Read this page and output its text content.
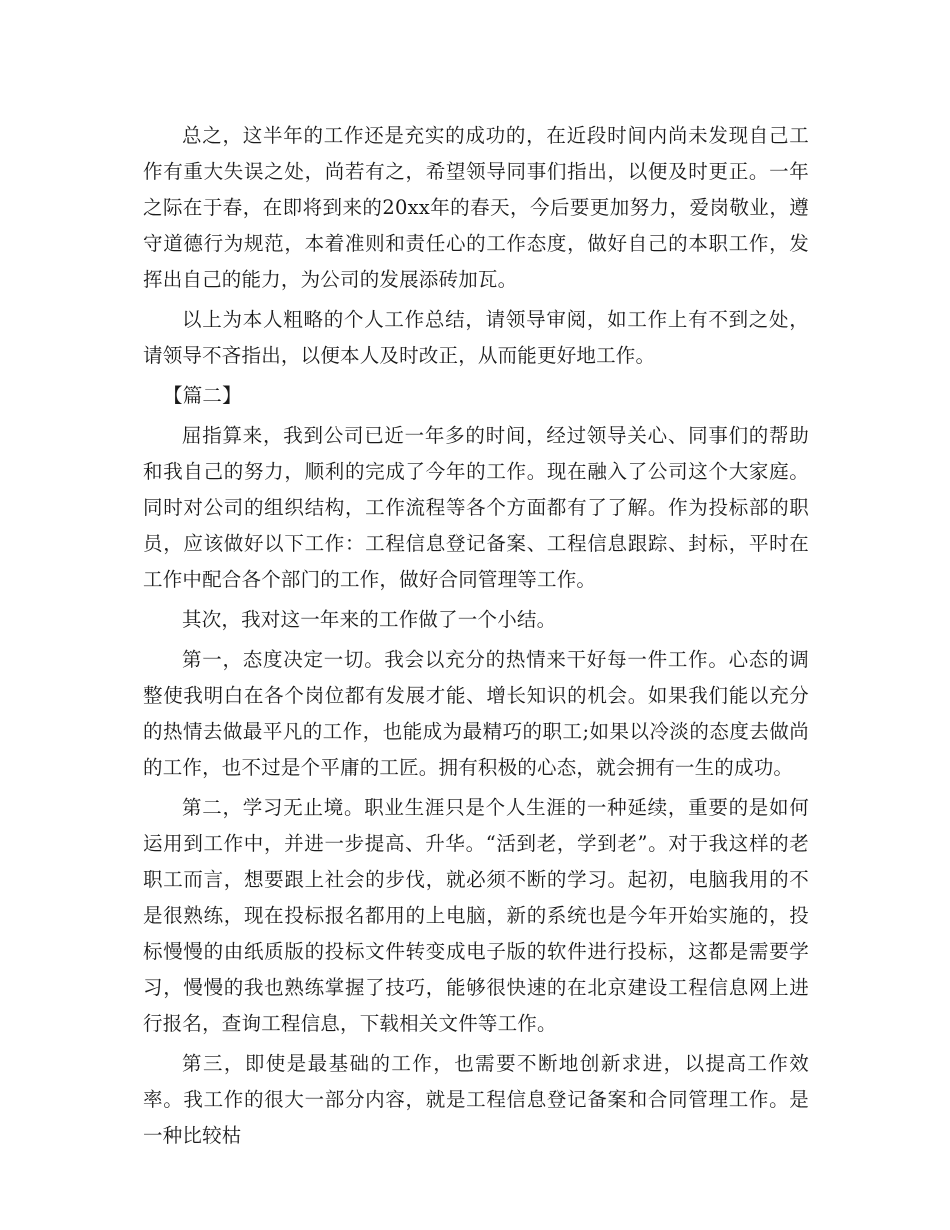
总之，这半年的工作还是充实的成功的，在近段时间内尚未发现自己工作有重大失误之处，尚若有之，希望领导同事们指出，以便及时更正。一年之际在于春，在即将到来的20xx年的春天，今后要更加努力，爱岗敬业，遵守道德行为规范，本着准则和责任心的工作态度，做好自己的本职工作，发挥出自己的能力，为公司的发展添砖加瓦。

以上为本人粗略的个人工作总结，请领导审阅，如工作上有不到之处，请领导不吝指出，以便本人及时改正，从而能更好地工作。

【篇二】

屈指算来，我到公司已近一年多的时间，经过领导关心、同事们的帮助和我自己的努力，顺利的完成了今年的工作。现在融入了公司这个大家庭。同时对公司的组织结构，工作流程等各个方面都有了了解。作为投标部的职员，应该做好以下工作：工程信息登记备案、工程信息跟踪、封标，平时在工作中配合各个部门的工作，做好合同管理等工作。

其次，我对这一年来的工作做了一个小结。

第一，态度决定一切。我会以充分的热情来干好每一件工作。心态的调整使我明白在各个岗位都有发展才能、增长知识的机会。如果我们能以充分的热情去做最平凡的工作，也能成为最精巧的职工;如果以冷淡的态度去做尚的工作，也不过是个平庸的工匠。拥有积极的心态，就会拥有一生的成功。

第二，学习无止境。职业生涯只是个人生涯的一种延续，重要的是如何运用到工作中，并进一步提高、升华。“活到老，学到老”。对于我这样的老职工而言，想要跟上社会的步伐，就必须不断的学习。起初，电脑我用的不是很熟练，现在投标报名都用的上电脑，新的系统也是今年开始实施的，投标慢慢的由纸质版的投标文件转变成电子版的软件进行投标，这都是需要学习，慢慢的我也熟练掌握了技巧，能够很快速的在北京建设工程信息网上进行报名，查询工程信息，下载相关文件等工作。

第三，即使是最基础的工作，也需要不断地创新求进，以提高工作效率。我工作的很大一部分内容，就是工程信息登记备案和合同管理工作。是一种比较枯
